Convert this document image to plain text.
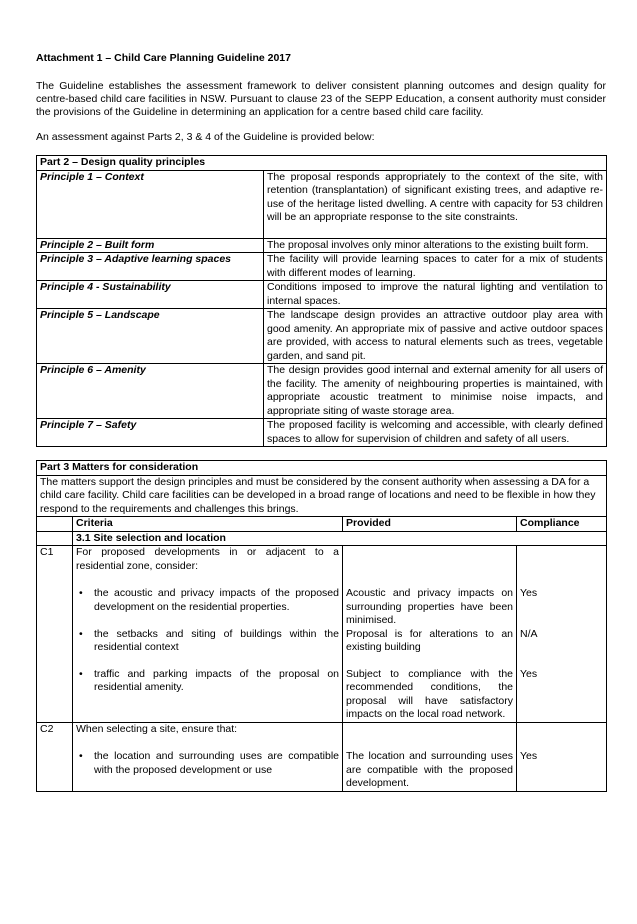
Attachment 1 – Child Care Planning Guideline 2017

The Guideline establishes the assessment framework to deliver consistent planning outcomes and design quality for centre-based child care facilities in NSW. Pursuant to clause 23 of the SEPP Education, a consent authority must consider the provisions of the Guideline in determining an application for a centre based child care facility.

An assessment against Parts 2, 3 & 4 of the Guideline is provided below:

Part 2 – Design quality principles	
Principle 1 – Context	The proposal responds appropriately to the context of the site, with retention (transplantation) of significant existing trees, and adaptive re-use of the heritage listed dwelling. A centre with capacity for 53 children will be an appropriate response to the site constraints.
Principle 2 – Built form	The proposal involves only minor alterations to the existing built form.
Principle 3 – Adaptive learning spaces	The facility will provide learning spaces to cater for a mix of students with different modes of learning.
Principle 4 - Sustainability	Conditions imposed to improve the natural lighting and ventilation to internal spaces.
Principle 5 – Landscape	The landscape design provides an attractive outdoor play area with good amenity. An appropriate mix of passive and active outdoor spaces are provided, with access to natural elements such as trees, vegetable garden, and sand pit.
Principle 6 – Amenity	The design provides good internal and external amenity for all users of the facility. The amenity of neighbouring properties is maintained, with appropriate acoustic treatment to minimise noise impacts, and appropriate siting of waste storage area.
Principle 7 – Safety	The proposed facility is welcoming and accessible, with clearly defined spaces to allow for supervision of children and safety of all users.
Part 3 Matters for consideration			
The matters support the design principles and must be considered by the consent authority when assessing a DA for a child care facility. Child care facilities can be developed in a broad range of locations and need to be flexible in how they respond to the requirements and challenges this brings.			
	Criteria	Provided	Compliance
	3.1 Site selection and location		
C1	For proposed developments in or adjacent to a residential zone, consider:		

	• the acoustic and privacy impacts of the proposed development on the residential properties.	Acoustic and privacy impacts on surrounding properties have been minimised.	Yes

	• the setbacks and siting of buildings within the residential context	Proposal is for alterations to an existing building	N/A

	• traffic and parking impacts of the proposal on residential amenity.	Subject to compliance with the recommended conditions, the proposal will have satisfactory impacts on the local road network.	Yes
C2	When selecting a site, ensure that:		

	• the location and surrounding uses are compatible with the proposed development or use	The location and surrounding uses are compatible with the proposed development.	Yes
